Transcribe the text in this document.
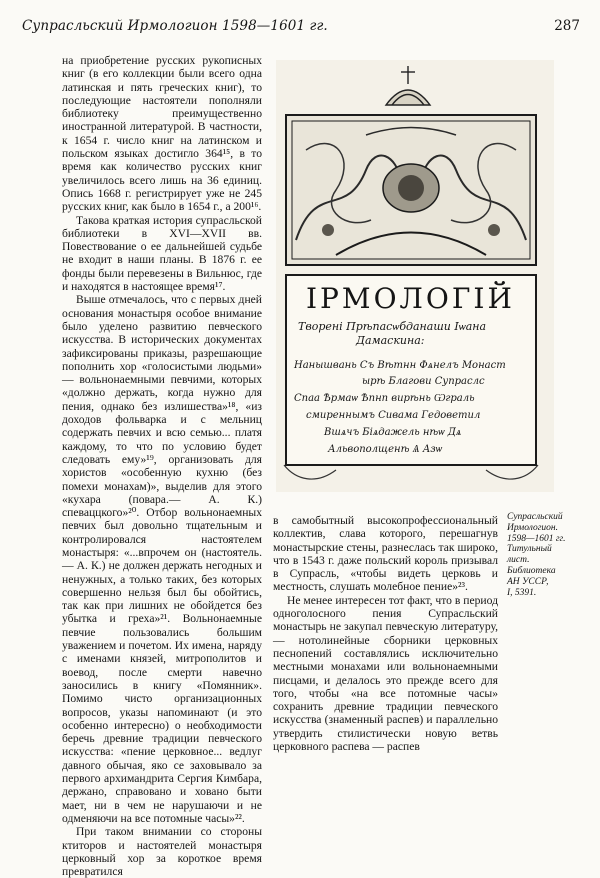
Супрасльский Ирмологион 1598—1601 гг.	287

на приобретение русских рукописных книг (в его коллекции были всего одна латинская и пять греческих книг), то последующие настоятели пополняли библиотеку преимущественно иностранной литературой. В частности, к 1654 г. число книг на латинском и польском языках достигло 364¹⁵, в то время как количество русских книг увеличилось всего лишь на 36 единиц. Опись 1668 г. регистрирует уже не 245 русских книг, как было в 1654 г., а 200¹⁶.

Такова краткая история супрасльской библиотеки в XVI—XVII вв. Повествование о ее дальнейшей судьбе не входит в наши планы. В 1876 г. ее фонды были перевезены в Вильнюс, где и находятся в настоящее время¹⁷.

Выше отмечалось, что с первых дней основания монастыря особое внимание было уделено развитию певческого искусства. В исторических документах зафиксированы приказы, разрешающие пополнить хор «голосистыми людьми» — вольнонаемными певчими, которых «должно держать, когда нужно для пения, однако без излишества»¹⁸, «из доходов фольварка и с мельниц содержать певчих и всю семью... платя каждому, то что по условию будет следовать ему»¹⁹, организовать для хористов «особенную кухню (без помехи монахам)», выделив для этого «кухара (повара.— А. К.) спеваццкого»²⁰. Отбор вольнонаемных певчих был довольно тщательным и контролировался настоятелем монастыря: «...впрочем он (настоятель.— А. К.) не должен держать негодных и ненужных, а только таких, без которых совершенно нельзя был бы обойтись, так как при лишних не обойдется без убытка и греха»²¹. Вольнонаемные певчие пользовались большим уважением и почетом. Их имена, наряду с именами князей, митрополитов и воевод, после смерти навечно заносились в книгу «Помянник». Помимо чисто организационных вопросов, указы напоминают (и это особенно интересно) о необходимости беречь древние традиции певческого искусства: «пение церковное... ведлуг давного обычая, яко се заховывало за первого архимандрита Сергия Кимбара, держано, справовано и ховано быти мает, ни в чем не нарушаючи и не одменяючи на все потомные часы»²².

При таком внимании со стороны ктиторов и настоятелей монастыря церковный хор за короткое время превратился

ІРМОЛОГІЙ
Творені Прѣпасѡбданаши Іѡана
Дамаскина:
Нанышвань Съ Вѣтнн Фѧнелъ Монаст
ырѣ Благови Супраслс
Спаа Ѣрмаѡ Ѣпнп вирѣнь Ѡграль
смиреннымъ Сивама Гедоветил
Вшѧчъ Біѧдажель нѣѡ Дѧ
Альвополщенѣ Ѧ Азѡ

в самобытный высокопрофессиональный коллектив, слава которого, перешагнув монастырские стены, разнеслась так широко, что в 1543 г. даже польский король призывал в Супрасль, «чтобы видеть церковь и местность, слушать молебное пение»²³.

Не менее интересен тот факт, что в период одноголосного пения Супрасльский монастырь не закупал певческую литературу,— нотолинейные сборники церковных песнопений составлялись исключительно местными монахами или вольнонаемными писцами, и делалось это прежде всего для того, чтобы «на все потомные часы» сохранить древние традиции певческого искусства (знаменный распев) и параллельно утвердить стилистически новую ветвь церковного распева — распев

Супрасльский
Ирмологион.
1598—1601 гг.
Титульный
лист.
Библиотека
АН УССР,
I, 5391.
